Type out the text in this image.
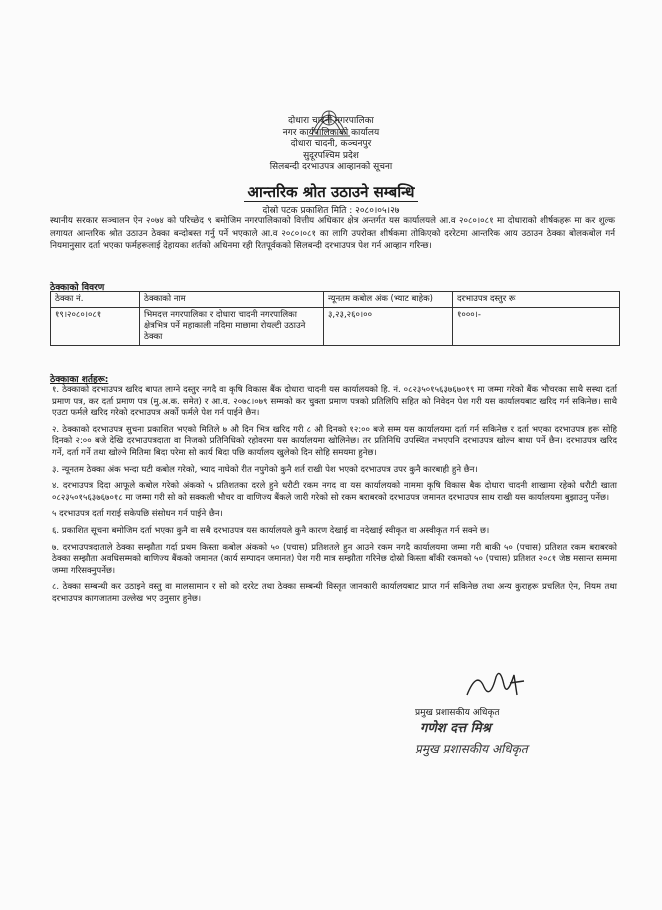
दोधारा चादनी नगरपालिका
नगर कार्यपालिकाको कार्यालय
दोधारा चादनी, कञ्चनपुर
सुदूरपश्चिम प्रदेश
सिलबन्दी दरभाउपत्र आव्हानको सूचना
आन्तरिक श्रोत उठाउने सम्बन्धि
दोस्रो पटक प्रकाशित मिति : २०८०।०५।२७
स्थानीय सरकार सञ्चालन ऐन २०७४ को परिच्छेद ९ बमोजिम नगरपालिकाको वित्तीय अधिकार क्षेत्र अन्तर्गत यस कार्यालयले आ.व २०८०।०८१ मा दोधाराको शीर्षकहरू मा कर शुल्क लगायत आन्तरिक श्रोत उठाउन ठेक्का बन्दोबस्त गर्नु पर्ने भएकाले आ.व २०८०।०८१ का लागि उपरोक्त शीर्षकमा तोकिएको दररेटमा आन्तरिक आय उठाउन ठेक्का बोलकबोल गर्न नियमानुसार दर्ता भएका फर्महरूलाई देहायका शर्तको अधिनमा रही रितपूर्वकको सिलबन्दी दरभाउपत्र पेश गर्न आव्हान गरिन्छ।
ठेक्काको विवरण
ठेक्का नं.	ठेक्काको नाम	न्यूनतम कबोल अंक (भ्याट बाहेक)	दरभाउपत्र दस्तुर रू
१९।२०८०।०८१	भिमदत्त नगरपालिका र दोधारा चादनी नगरपालिका क्षेत्रभित्र पर्ने महाकाली नदिमा माछामा रोयल्टी उठाउने ठेक्का	३,२३,२६०।००	१०००।-
ठेक्काका शर्तहरू:

१. ठेक्काको दरभाउपत्र खरिद बापत लाग्ने दस्तुर नगदै वा कृषि विकास बैंक दोधारा चादनी यस कार्यालयको हि. नं. ०८२३५०१५६३७६७०१९ मा जम्मा गरेको बैंक भौचरका साथै सस्था दर्ता प्रमाण पत्र, कर दर्ता प्रमाण पत्र (मु.अ.क. समेत) र आ.व. २०७८।०७९ सम्मको कर चुक्ता प्रमाण पत्रको प्रतिलिपि सहित को निवेदन पेश गरी यस कार्यालयबाट खरिद गर्न सकिनेछ। साथै एउटा फर्मले खरिद गरेको दरभाउपत्र अर्को फर्मले पेश गर्न पाईने छैन।

२. ठेक्काको दरभाउपत्र सुचना प्रकाशित भएको मितिले ७ औ दिन भित्र खरिद गरी ८ औ दिनको १२:०० बजे सम्म यस कार्यालयमा दर्ता गर्न सकिनेछ र दर्ता भएका दरभाउपत्र हरू सोहि दिनको २:०० बजे देखि दरभाउपत्रदाता वा निजको प्रतिनिधिको रहोवरमा यस कार्यालयमा खोलिनेछ। तर प्रतिनिधि उपस्थित नभएपनि दरभाउपत्र खोल्न बाधा पर्ने छैन। दरभाउपत्र खरिद गर्ने, दर्ता गर्ने तथा खोल्ने मितिमा बिदा परेमा सो कार्य बिदा पछि कार्यालय खुलेको दिन सोहि समयमा हुनेछ।

३. न्यूनतम ठेक्का अंक भन्दा घटी कबोल गरेको, भ्याद नाघेको रीत नपुगेको कुनै शर्त राखी पेश भएको दरभाउपत्र उपर कुनै कारबाही हुने छैन।

४. दरभाउपत्र दिदा आफूले कबोल गरेको अंकको ५ प्रतिशतका दरले हुने धरौटी रकम नगद वा यस कार्यालयको नाममा कृषि विकास बैक दोधारा चादनी शाखामा रहेको धरौटी खाता ०८२३५०१५६३७६७०१८ मा जम्मा गरी सो को सक्कली भौचर वा वाणिज्य बैंकले जारी गरेको सो रकम बराबरको दरभाउपत्र जमानत दरभाउपत्र साथ राखी यस कार्यालयमा बुझाउनु पर्नेछ।

५ दरभाउपत्र दर्ता गराई सकेपछि संसोधन गर्न पाईने छैन।

६. प्रकाशित सूचना बमोजिम दर्ता भएका कुनै वा सबै दरभाउपत्र यस कार्यालयले कुनै कारण देखाई वा नदेखाई स्वीकृत वा अस्वीकृत गर्न सक्ने छ।

७. दरभाउपत्रदाताले ठेक्का सम्झौता गर्दा प्रथम किस्ता कबोल अंकको ५० (पचास) प्रतिशतले हुन आउने रकम नगदै कार्यालयमा जम्मा गरी बाकी ५० (पचास) प्रतिशत रकम बराबरको ठेक्का सम्झौता अवधिसम्मको बाणिज्य बैंकको जमानत (कार्य सम्पादन जमानत) पेश गरी मात्र सम्झौता गरिनेछ दोस्रो किस्ता बाँकी रकमको ५० (पचास) प्रतिशत २०८१ जेष्ठ मसान्त सम्ममा जम्मा गरिसक्नुपर्नेछ।

८. ठेक्का सम्बन्धी कर उठाइने वस्तु वा मालसामान र सो को दररेट तथा ठेक्का सम्बन्धी विस्तृत जानकारी कार्यालयबाट प्राप्त गर्न सकिनेछ तथा अन्य कुराहरू प्रचलित ऐन, नियम तथा दरभाउपत्र कागजातमा उल्लेख भए उनुसार हुनेछ।

प्रमुख प्रशासकीय अधिकृत
गणेश दत्त मिश्र
प्रमुख प्रशासकीय अधिकृत
